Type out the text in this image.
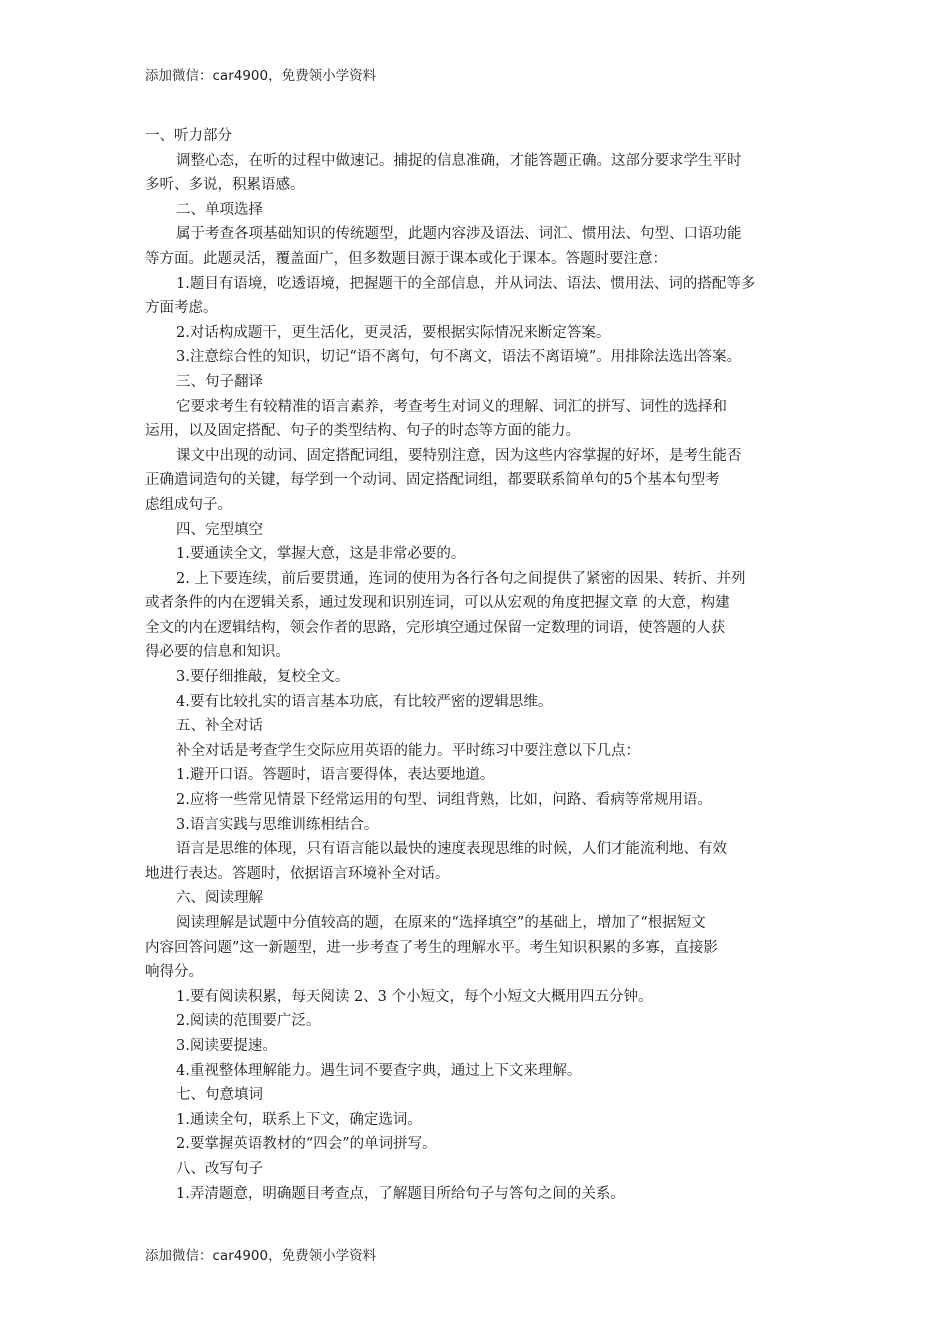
添加微信：car4900，免费领小学资料
一、听力部分
调整心态，在听的过程中做速记。捕捉的信息准确，才能答题正确。这部分要求学生平时
多听、多说，积累语感。
二、单项选择
属于考查各项基础知识的传统题型，此题内容涉及语法、词汇、惯用法、句型、口语功能
等方面。此题灵活，覆盖面广，但多数题目源于课本或化于课本。答题时要注意：
1.题目有语境，吃透语境，把握题干的全部信息，并从词法、语法、惯用法、词的搭配等多
方面考虑。
2.对话构成题干，更生活化，更灵活，要根据实际情况来断定答案。
3.注意综合性的知识，切记“语不离句，句不离文，语法不离语境”。用排除法选出答案。
三、句子翻译
它要求考生有较精准的语言素养，考查考生对词义的理解、词汇的拼写、词性的选择和
运用，以及固定搭配、句子的类型结构、句子的时态等方面的能力。
课文中出现的动词、固定搭配词组，要特别注意，因为这些内容掌握的好坏，是考生能否
正确遣词造句的关键，每学到一个动词、固定搭配词组，都要联系简单句的5个基本句型考
虑组成句子。
四、完型填空
1.要通读全文，掌握大意，这是非常必要的。
2. 上下要连续，前后要贯通，连词的使用为各行各句之间提供了紧密的因果、转折、并列
或者条件的内在逻辑关系，通过发现和识别连词，可以从宏观的角度把握文章 的大意，构建
全文的内在逻辑结构，领会作者的思路，完形填空通过保留一定数理的词语，使答题的人获
得必要的信息和知识。
3.要仔细推敲，复校全文。
4.要有比较扎实的语言基本功底，有比较严密的逻辑思维。
五、补全对话
补全对话是考查学生交际应用英语的能力。平时练习中要注意以下几点：
1.避开口语。答题时，语言要得体，表达要地道。
2.应将一些常见情景下经常运用的句型、词组背熟，比如，问路、看病等常规用语。
3.语言实践与思维训练相结合。
语言是思维的体现，只有语言能以最快的速度表现思维的时候，人们才能流利地、有效
地进行表达。答题时，依据语言环境补全对话。
六、阅读理解
阅读理解是试题中分值较高的题，在原来的“选择填空”的基础上，增加了“根据短文
内容回答问题”这一新题型，进一步考查了考生的理解水平。考生知识积累的多寡，直接影
响得分。
1.要有阅读积累，每天阅读 2、3 个小短文，每个小短文大概用四五分钟。
2.阅读的范围要广泛。
3.阅读要提速。
4.重视整体理解能力。遇生词不要查字典，通过上下文来理解。
七、句意填词
1.通读全句，联系上下文，确定选词。
2.要掌握英语教材的“四会”的单词拼写。
八、改写句子
1.弄清题意，明确题目考查点，了解题目所给句子与答句之间的关系。
添加微信：car4900，免费领小学资料
